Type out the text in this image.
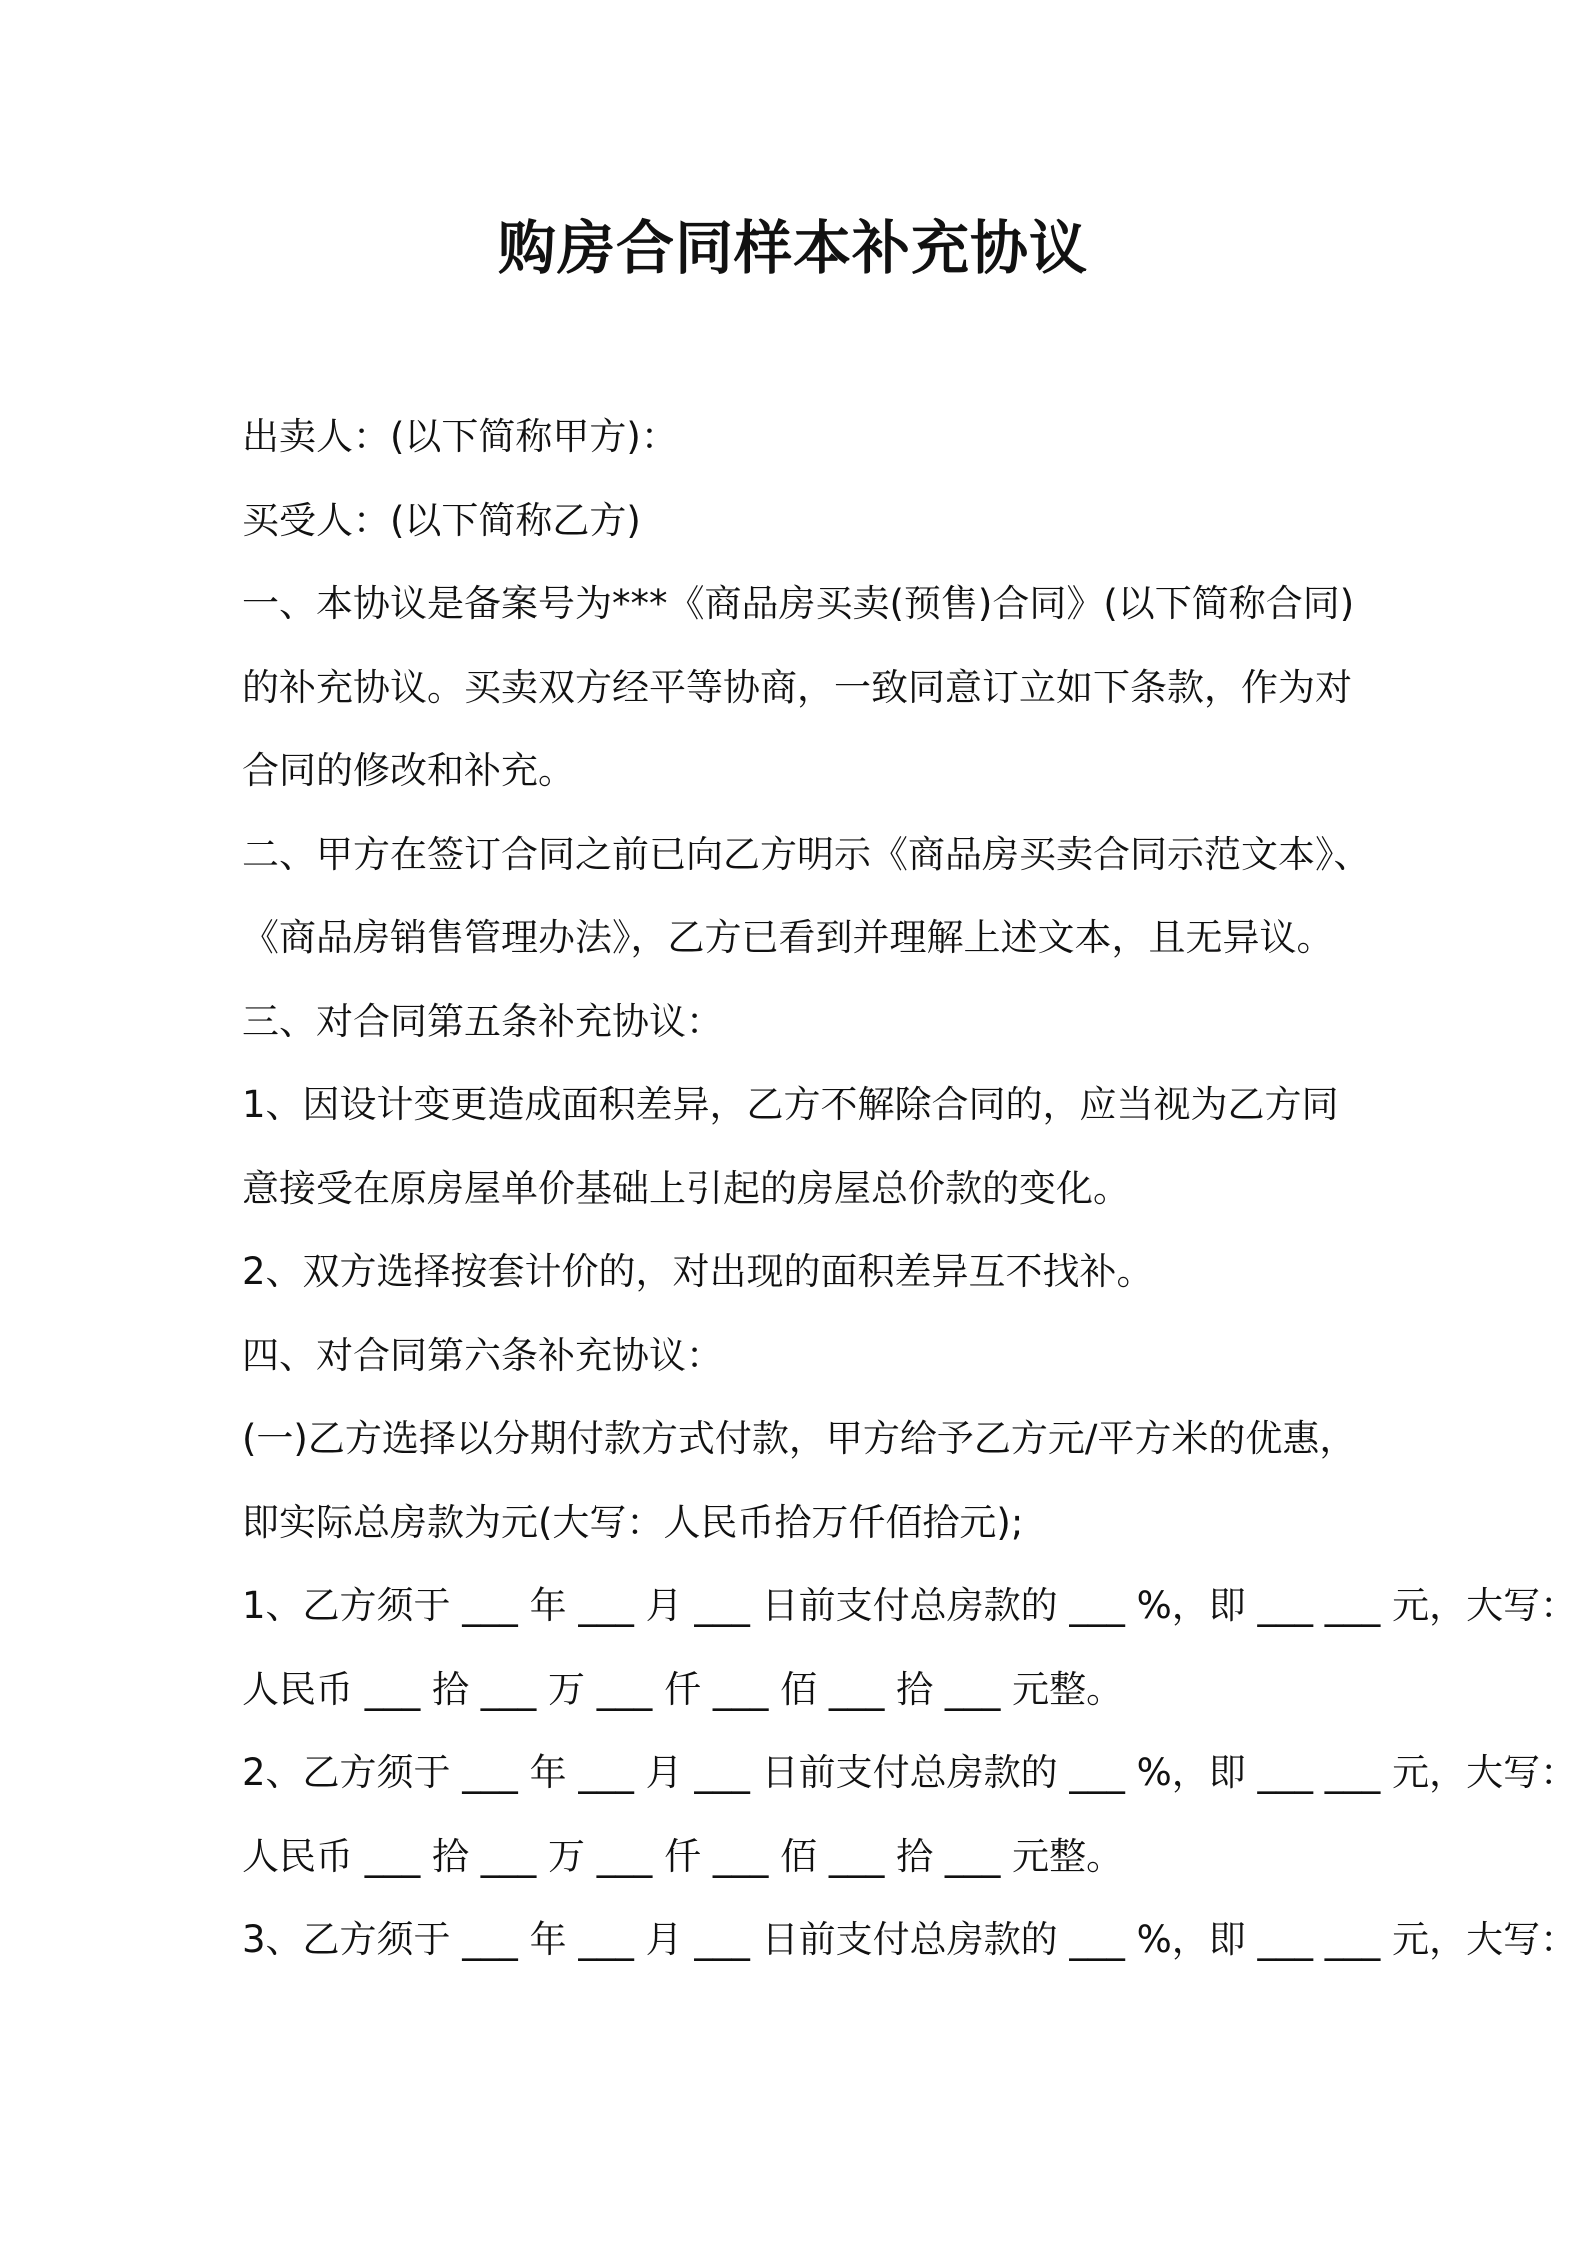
购房合同样本补充协议
出卖人：(以下简称甲方)：
买受人：(以下简称乙方)
一、本协议是备案号为***《商品房买卖(预售)合同》(以下简称合同)
的补充协议。买卖双方经平等协商，一致同意订立如下条款，作为对
合同的修改和补充。
二、甲方在签订合同之前已向乙方明示《商品房买卖合同示范文本》、
《商品房销售管理办法》，乙方已看到并理解上述文本，且无异议。
三、对合同第五条补充协议：
1、因设计变更造成面积差异，乙方不解除合同的，应当视为乙方同
意接受在原房屋单价基础上引起的房屋总价款的变化。
2、双方选择按套计价的，对出现的面积差异互不找补。
四、对合同第六条补充协议：
(一)乙方选择以分期付款方式付款，甲方给予乙方元/平方米的优惠，
即实际总房款为元(大写：人民币拾万仟佰拾元);
1、乙方须于 ___ 年 ___ 月 ___ 日前支付总房款的 ___ %，即 ___ ___ 元，大写：
人民币 ___ 拾 ___ 万 ___ 仟 ___ 佰 ___ 拾 ___ 元整。
2、乙方须于 ___ 年 ___ 月 ___ 日前支付总房款的 ___ %，即 ___ ___ 元，大写：
人民币 ___ 拾 ___ 万 ___ 仟 ___ 佰 ___ 拾 ___ 元整。
3、乙方须于 ___ 年 ___ 月 ___ 日前支付总房款的 ___ %，即 ___ ___ 元，大写：
